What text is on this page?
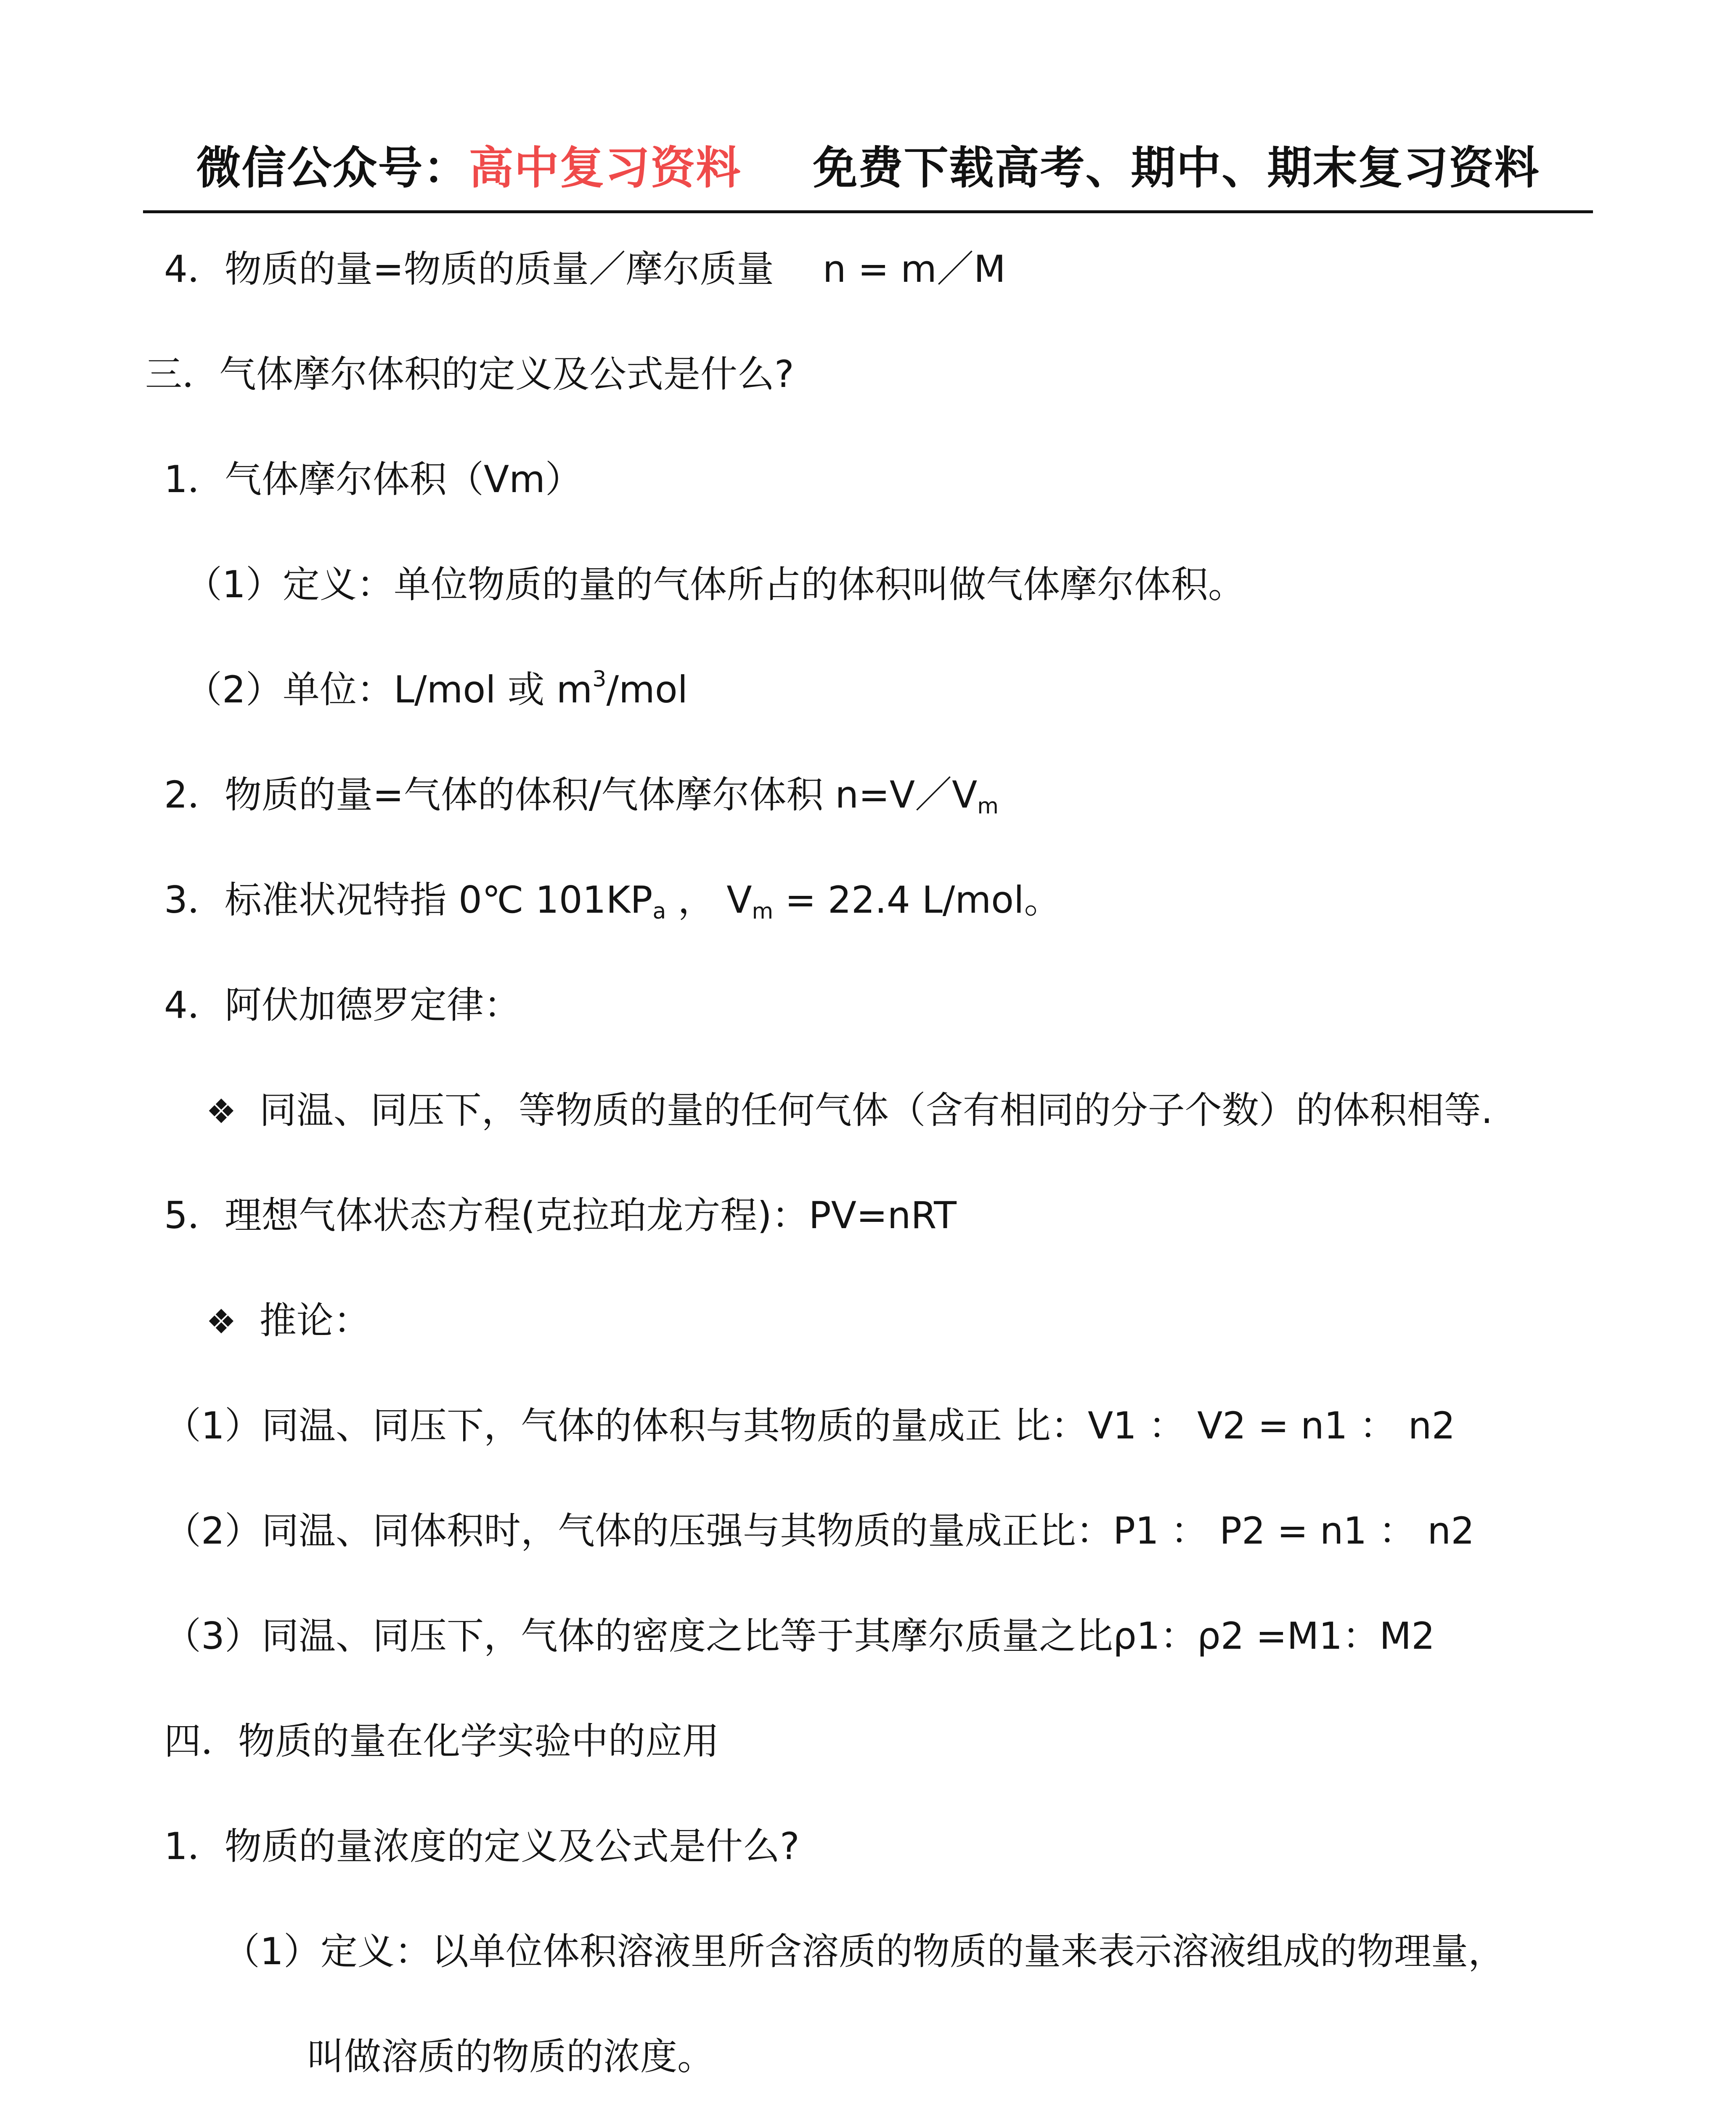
微信公众号：高中复习资料 免费下载高考、期中、期末复习资料
4．物质的量=物质的质量／摩尔质量　 n = m／M
三．气体摩尔体积的定义及公式是什么?
1．气体摩尔体积（Vm）
（1）定义：单位物质的量的气体所占的体积叫做气体摩尔体积。
（2）单位：L/mol 或 $m^3$/mol
2．物质的量=气体的体积/气体摩尔体积 $n=V/V_m$
3．标准状况特指 0℃ $101KP_a$ ， $V_m = 22.4$ L/mol。
4．阿伏加德罗定律：
❖ 同温、同压下，等物质的量的任何气体（含有相同的分子个数）的体积相等.
5．理想气体状态方程(克拉珀龙方程)：PV=nRT
❖ 推论：
（1）同温、同压下，气体的体积与其物质的量成正 比：V1 ： V2 = n1 ： n2
（2）同温、同体积时，气体的压强与其物质的量成正比：P1 ： P2 = n1 ： n2
（3）同温、同压下，气体的密度之比等于其摩尔质量之比ρ1：ρ2 =M1：M2
四．物质的量在化学实验中的应用
1．物质的量浓度的定义及公式是什么?
（1）定义：以单位体积溶液里所含溶质的物质的量来表示溶液组成的物理量，
叫做溶质的物质的浓度。
